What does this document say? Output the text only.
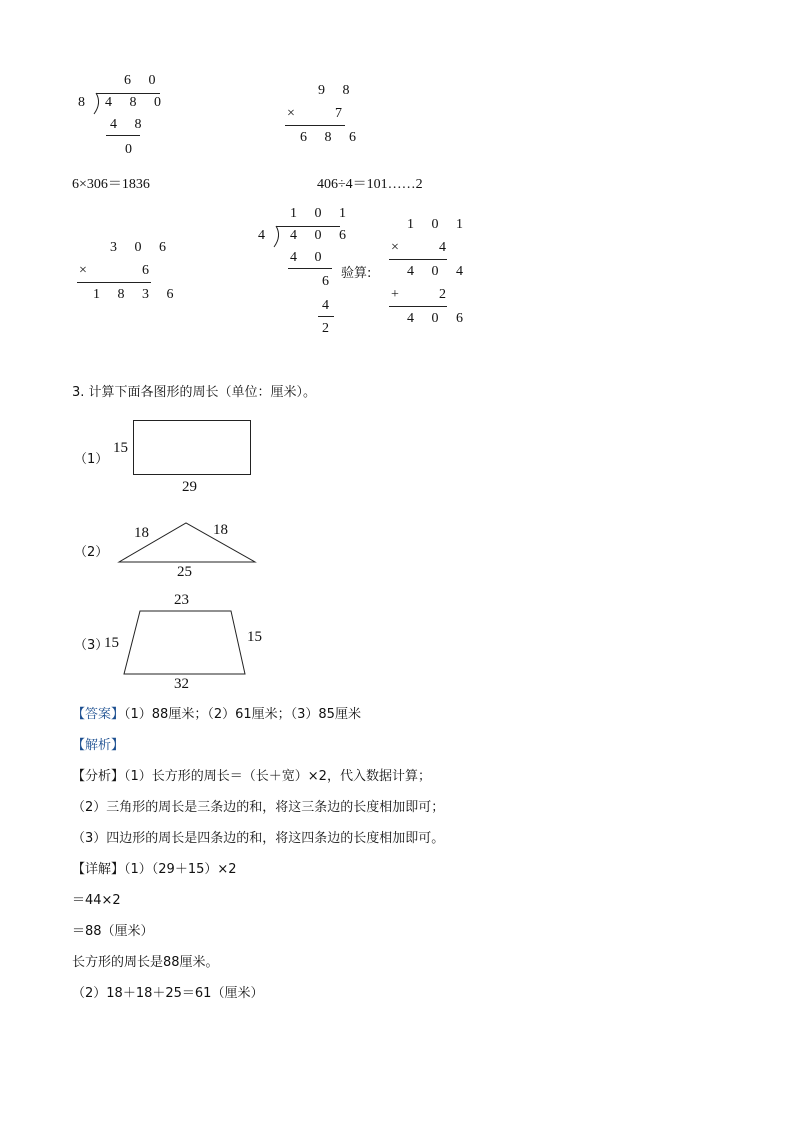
6 0
8 4 8 0
4 8
0
9 8
×	7
6 8 6
6×306＝1836	406÷4＝101……2
3 0 6
×	6
1 8 3 6
1 0 1
4 4 0 6
4 0
6
4
2
验算:
1 0 1
×	4
4 0 4
+	2
4 0 6
3. 计算下面各图形的周长（单位：厘米）。
（1）
15
29
（2）
18	18
25
（3）
23
15	15
32
【答案】（1）88厘米；（2）61厘米；（3）85厘米
【解析】
【分析】（1）长方形的周长＝（长＋宽）×2，代入数据计算；
（2）三角形的周长是三条边的和，将这三条边的长度相加即可；
（3）四边形的周长是四条边的和，将这四条边的长度相加即可。
【详解】（1）（29＋15）×2
＝44×2
＝88（厘米）
长方形的周长是88厘米。
（2）18＋18＋25＝61（厘米）
